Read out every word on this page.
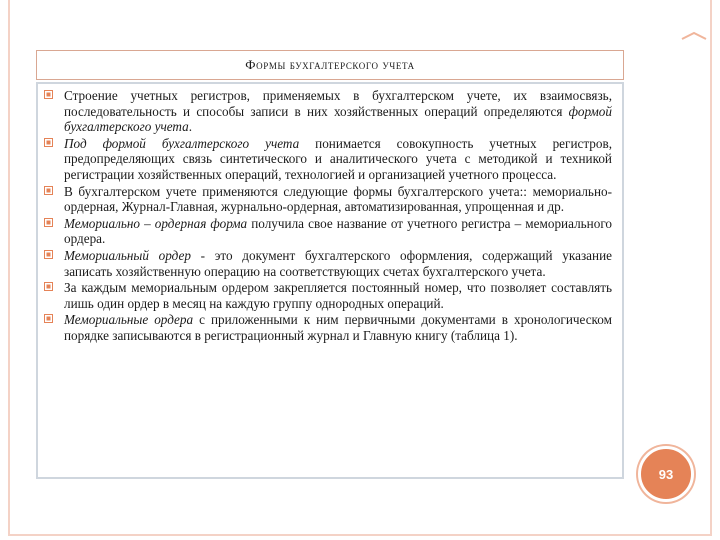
Формы бухгалтерского учета
Строение учетных регистров, применяемых в бухгалтерском учете, их взаимосвязь, последовательность и способы записи в них хозяйственных операций определяются формой бухгалтерского учета.
Под формой бухгалтерского учета понимается совокупность учетных регистров, предопределяющих связь синтетического и аналитического учета с методикой и техникой регистрации хозяйственных операций, технологией и организацией учетного процесса.
В бухгалтерском учете применяются следующие формы бухгалтерского учета:: мемориально-ордерная, Журнал-Главная, журнально-ордерная, автоматизированная, упрощенная и др.
Мемориально – ордерная форма получила свое название от учетного регистра – мемориального ордера.
Мемориальный ордер - это документ бухгалтерского оформления, содержащий указание записать хозяйственную операцию на соответствующих счетах бухгалтерского учета.
За каждым мемориальным ордером закрепляется постоянный номер, что позволяет составлять лишь один ордер в месяц на каждую группу однородных операций.
Мемориальные ордера с приложенными к ним первичными документами в хронологическом порядке записываются в регистрационный журнал и Главную книгу (таблица 1).
93
